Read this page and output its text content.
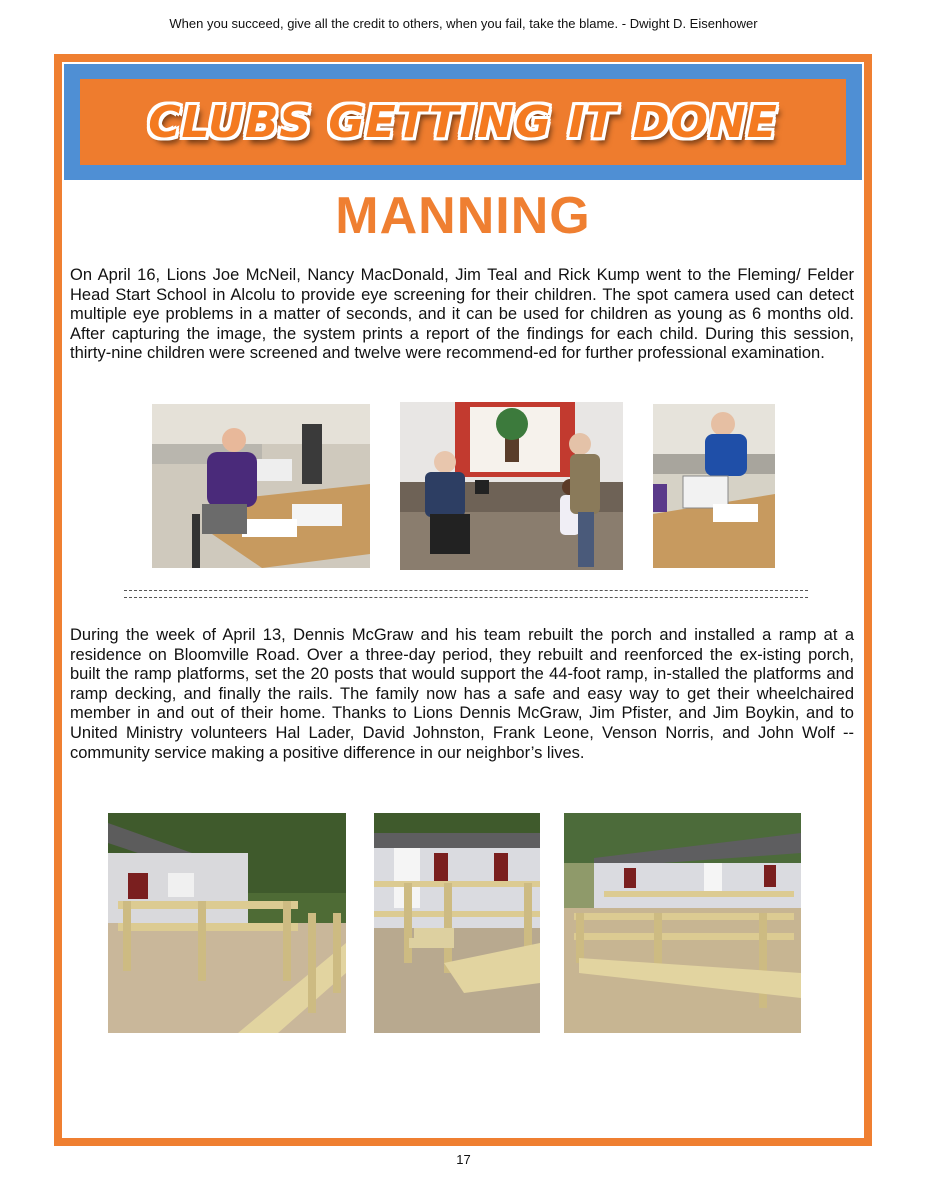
When you succeed, give all the credit to others, when you fail, take the blame. - Dwight D. Eisenhower
CLUBS GETTING IT DONE
MANNING
On April 16, Lions Joe McNeil, Nancy MacDonald, Jim Teal and Rick Kump went to the Fleming/ Felder Head Start School in Alcolu to provide eye screening for their children. The spot camera used can detect multiple eye problems in a matter of seconds, and it can be used for children as young as 6 months old. After capturing the image, the system prints a report of the findings for each child. During this session, thirty-nine children were screened and twelve were recommend-ed for further professional examination.
During the week of April 13, Dennis McGraw and his team rebuilt the porch and installed a ramp at a residence on Bloomville Road. Over a three-day period, they rebuilt and reenforced the ex-isting porch, built the ramp platforms, set the 20 posts that would support the 44-foot ramp, in-stalled the platforms and ramp decking, and finally the rails. The family now has a safe and easy way to get their wheelchaired member in and out of their home. Thanks to Lions Dennis McGraw, Jim Pfister, and Jim Boykin, and to United Ministry volunteers Hal Lader, David Johnston, Frank Leone, Venson Norris, and John Wolf -- community service making a positive difference in our neighbor’s lives.
17
